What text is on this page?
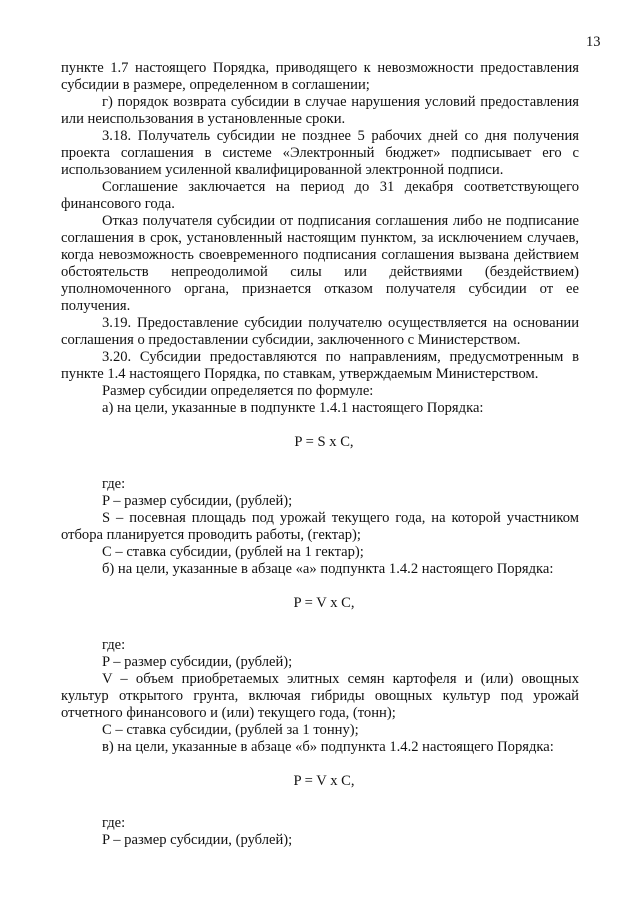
13

пункте 1.7 настоящего Порядка, приводящего к невозможности предоставления субсидии в размере, определенном в соглашении;

г) порядок возврата субсидии в случае нарушения условий предоставления или неиспользования в установленные сроки.

3.18. Получатель субсидии не позднее 5 рабочих дней со дня получения проекта соглашения в системе «Электронный бюджет» подписывает его с использованием усиленной квалифицированной электронной подписи.

Соглашение заключается на период до 31 декабря соответствующего финансового года.

Отказ получателя субсидии от подписания соглашения либо не подписание соглашения в срок, установленный настоящим пунктом, за исключением случаев, когда невозможность своевременного подписания соглашения вызвана действием обстоятельств непреодолимой силы или действиями (бездействием) уполномоченного органа, признается отказом получателя субсидии от ее получения.

3.19. Предоставление субсидии получателю осуществляется на основании соглашения о предоставлении субсидии, заключенного с Министерством.

3.20. Субсидии предоставляются по направлениям, предусмотренным в пункте 1.4 настоящего Порядка, по ставкам, утверждаемым Министерством.

Размер субсидии определяется по формуле:

а) на цели, указанные в подпункте 1.4.1 настоящего Порядка:

P = S x C,

где:

P – размер субсидии, (рублей);

S – посевная площадь под урожай текущего года, на которой участником отбора планируется проводить работы, (гектар);

C – ставка субсидии, (рублей на 1 гектар);

б) на цели, указанные в абзаце «а» подпункта 1.4.2 настоящего Порядка:

P = V x C,

где:

P – размер субсидии, (рублей);

V – объем приобретаемых элитных семян картофеля и (или) овощных культур открытого грунта, включая гибриды овощных культур под урожай отчетного финансового и (или) текущего года, (тонн);

C – ставка субсидии, (рублей за 1 тонну);

в) на цели, указанные в абзаце «б» подпункта 1.4.2 настоящего Порядка:

P = V x C,

где:

P – размер субсидии, (рублей);
